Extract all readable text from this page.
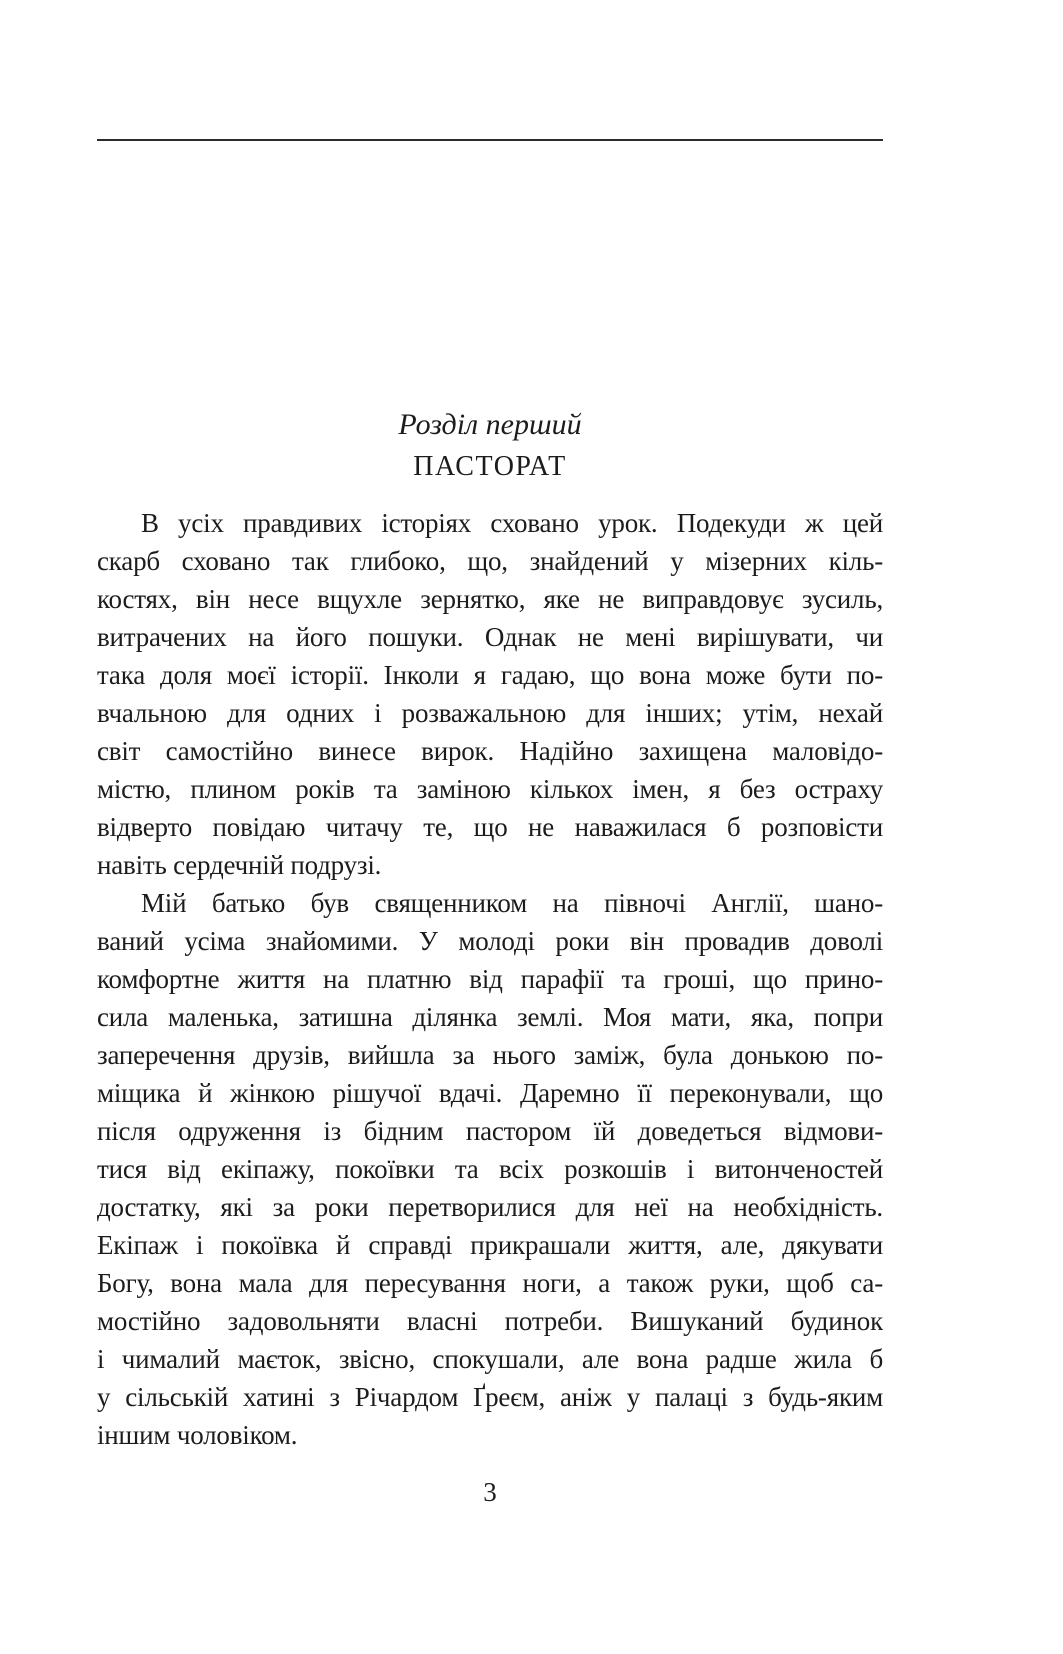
Розділ перший
ПАСТОРАТ
В усіх правдивих історіях сховано урок. Подекуди ж цей
скарб сховано так глибоко, що, знайдений у мізерних кіль-
костях, він несе вщухле зернятко, яке не виправдовує зусиль,
витрачених на його пошуки. Однак не мені вирішувати, чи
така доля моєї історії. Інколи я гадаю, що вона може бути по-
вчальною для одних і розважальною для інших; утім, нехай
світ самостійно винесе вирок. Надійно захищена маловідо-
містю, плином років та заміною кількох імен, я без остраху
відверто повідаю читачу те, що не наважилася б розповісти
навіть сердечній подрузі.
Мій батько був священником на півночі Англії, шано-
ваний усіма знайомими. У молоді роки він провадив доволі
комфортне життя на платню від парафії та гроші, що прино-
сила маленька, затишна ділянка землі. Моя мати, яка, попри
заперечення друзів, вийшла за нього заміж, була донькою по-
міщика й жінкою рішучої вдачі. Даремно її переконували, що
після одруження із бідним пастором їй доведеться відмови-
тися від екіпажу, покоївки та всіх розкошів і витонченостей
достатку, які за роки перетворилися для неї на необхідність.
Екіпаж і покоївка й справді прикрашали життя, але, дякувати
Богу, вона мала для пересування ноги, а також руки, щоб са-
мостійно задовольняти власні потреби. Вишуканий будинок
і чималий маєток, звісно, спокушали, але вона радше жила б
у сільській хатині з Річардом Ґреєм, аніж у палаці з будь-яким
іншим чоловіком.
3
